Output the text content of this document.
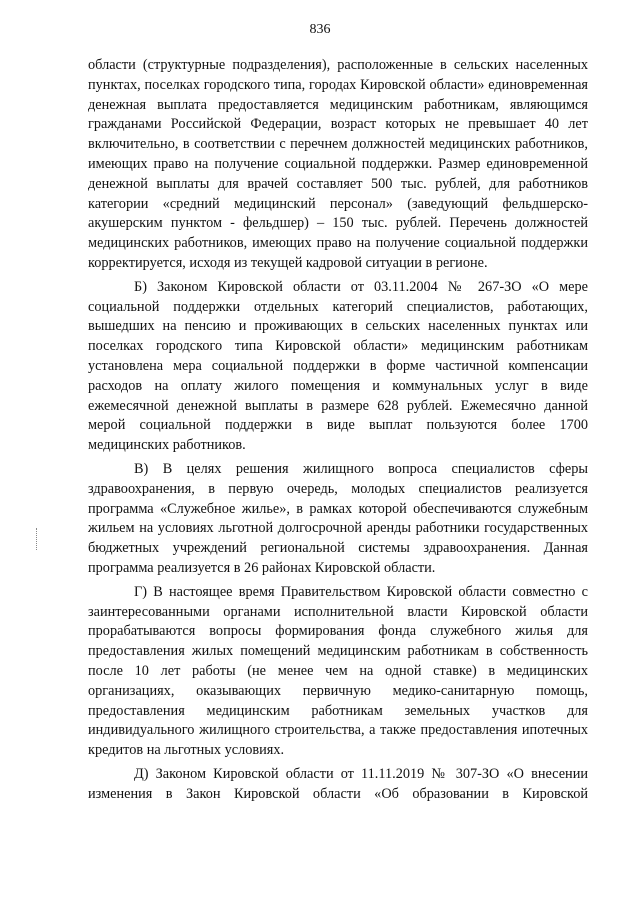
836

области (структурные подразделения), расположенные в сельских населенных пунктах, поселках городского типа, городах Кировской области» единовременная денежная выплата предоставляется медицинским работникам, являющимся гражданами Российской Федерации, возраст которых не превышает 40 лет включительно, в соответствии с перечнем должностей медицинских работников, имеющих право на получение социальной поддержки. Размер единовременной денежной выплаты для врачей составляет 500 тыс. рублей, для работников категории «средний медицинский персонал» (заведующий фельдшерско-акушерским пунктом - фельдшер) – 150 тыс. рублей. Перечень должностей медицинских работников, имеющих право на получение социальной поддержки корректируется, исходя из текущей кадровой ситуации в регионе.

Б) Законом Кировской области от 03.11.2004 № 267-ЗО «О мере социальной поддержки отдельных категорий специалистов, работающих, вышедших на пенсию и проживающих в сельских населенных пунктах или поселках городского типа Кировской области» медицинским работникам установлена мера социальной поддержки в форме частичной компенсации расходов на оплату жилого помещения и коммунальных услуг в виде ежемесячной денежной выплаты в размере 628 рублей. Ежемесячно данной мерой социальной поддержки в виде выплат пользуются более 1700 медицинских работников.

В) В целях решения жилищного вопроса специалистов сферы здравоохранения, в первую очередь, молодых специалистов реализуется программа «Служебное жилье», в рамках которой обеспечиваются служебным жильем на условиях льготной долгосрочной аренды работники государственных бюджетных учреждений региональной системы здравоохранения. Данная программа реализуется в 26 районах Кировской области.

Г) В настоящее время Правительством Кировской области совместно с заинтересованными органами исполнительной власти Кировской области прорабатываются вопросы формирования фонда служебного жилья для предоставления жилых помещений медицинским работникам в собственность после 10 лет работы (не менее чем на одной ставке) в медицинских организациях, оказывающих первичную медико-санитарную помощь, предоставления медицинским работникам земельных участков для индивидуального жилищного строительства, а также предоставления ипотечных кредитов на льготных условиях.

Д) Законом Кировской области от 11.11.2019 № 307-ЗО «О внесении изменения в Закон Кировской области «Об образовании в Кировской
